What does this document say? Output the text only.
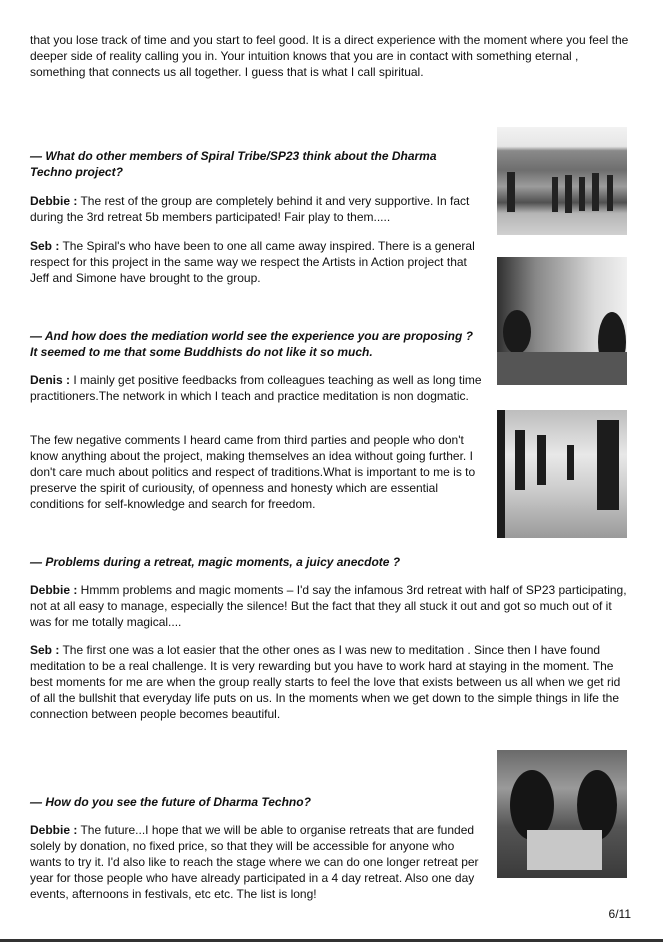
that you lose track of time and you start to feel good. It is a direct experience with the moment where you feel the deeper side of reality calling you in. Your intuition knows that you are in contact with something eternal , something that connects us all together. I guess that is what I call spiritual.

— What do other members of Spiral Tribe/SP23 think about the Dharma Techno project?

Debbie : The rest of the group are completely behind it and very supportive. In fact during the 3rd retreat 5b members participated! Fair play to them.....

Seb : The Spiral's who have been to one all came away inspired. There is a general respect for this project in the same way we respect the Artists in Action project that Jeff and Simone have brought to the group.

— And how does the mediation world see the experience you are proposing ? It seemed to me that some Buddhists do not like it so much.

Denis : I mainly get positive feedbacks from colleagues teaching as well as long time practitioners.The network in which I teach and practice meditation is non dogmatic.

The few negative comments I heard came from third parties and people who don't know anything about the project, making themselves an idea without going further. I don't care much about politics and respect of traditions.What is important to me is to preserve the spirit of curiousity, of openness and honesty which are essential conditions for self-knowledge and search for freedom.

— Problems during a retreat, magic moments, a juicy anecdote ?

Debbie : Hmmm problems and magic moments – I'd say the infamous 3rd retreat with half of SP23 participating, not at all easy to manage, especially the silence! But the fact that they all stuck it out and got so much out of it was for me totally magical....

Seb : The first one was a lot easier that the other ones as I was new to meditation . Since then I have found meditation to be a real challenge. It is very rewarding but you have to work hard at staying in the moment. The best moments for me are when the group really starts to feel the love that exists between us all when we get rid of all the bullshit that everyday life puts on us. In the moments when we get down to the simple things in life the connection between people becomes beautiful.

— How do you see the future of Dharma Techno?

Debbie : The future...I hope that we will be able to organise retreats that are funded solely by donation, no fixed price, so that they will be accessible for anyone who wants to try it. I'd also like to reach the stage where we can do one longer retreat per year for those people who have already participated in a 4 day retreat. Also one day events, afternoons in festivals, etc etc. The list is long!

6/11
